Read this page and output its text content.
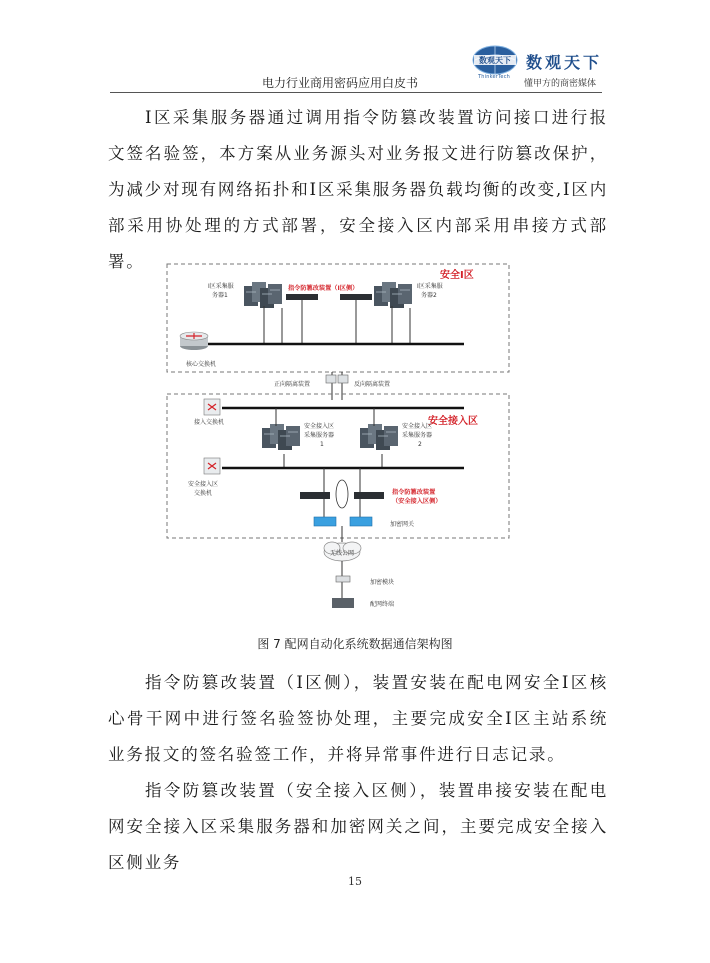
电力行业商用密码应用白皮书
数观天下
ThinkerTech
数观天下
懂甲方的商密媒体

I区采集服务器通过调用指令防篡改装置访问接口进行报文签名验签，本方案从业务源头对业务报文进行防篡改保护，为减少对现有网络拓扑和I区采集服务器负载均衡的改变,I区内部采用协处理的方式部署，安全接入区内部采用串接方式部署。

安全I区
I区采集服
务器1
I区采集服
务器2
指令防篡改装置（I区侧）
核心交换机
正向隔离装置	反向隔离装置
安全接入区
接入交换机
安全接入区
采集服务器
1
安全接入区
采集服务器
2
安全接入区
交换机	指令防篡改装置
（安全接入区侧）
加密网关
无线公网
加密模块
配网终端
图 7 配网自动化系统数据通信架构图

指令防篡改装置（I区侧），装置安装在配电网安全I区核心骨干网中进行签名验签协处理，主要完成安全I区主站系统业务报文的签名验签工作，并将异常事件进行日志记录。

指令防篡改装置（安全接入区侧），装置串接安装在配电网安全接入区采集服务器和加密网关之间，主要完成安全接入区侧业务

15
